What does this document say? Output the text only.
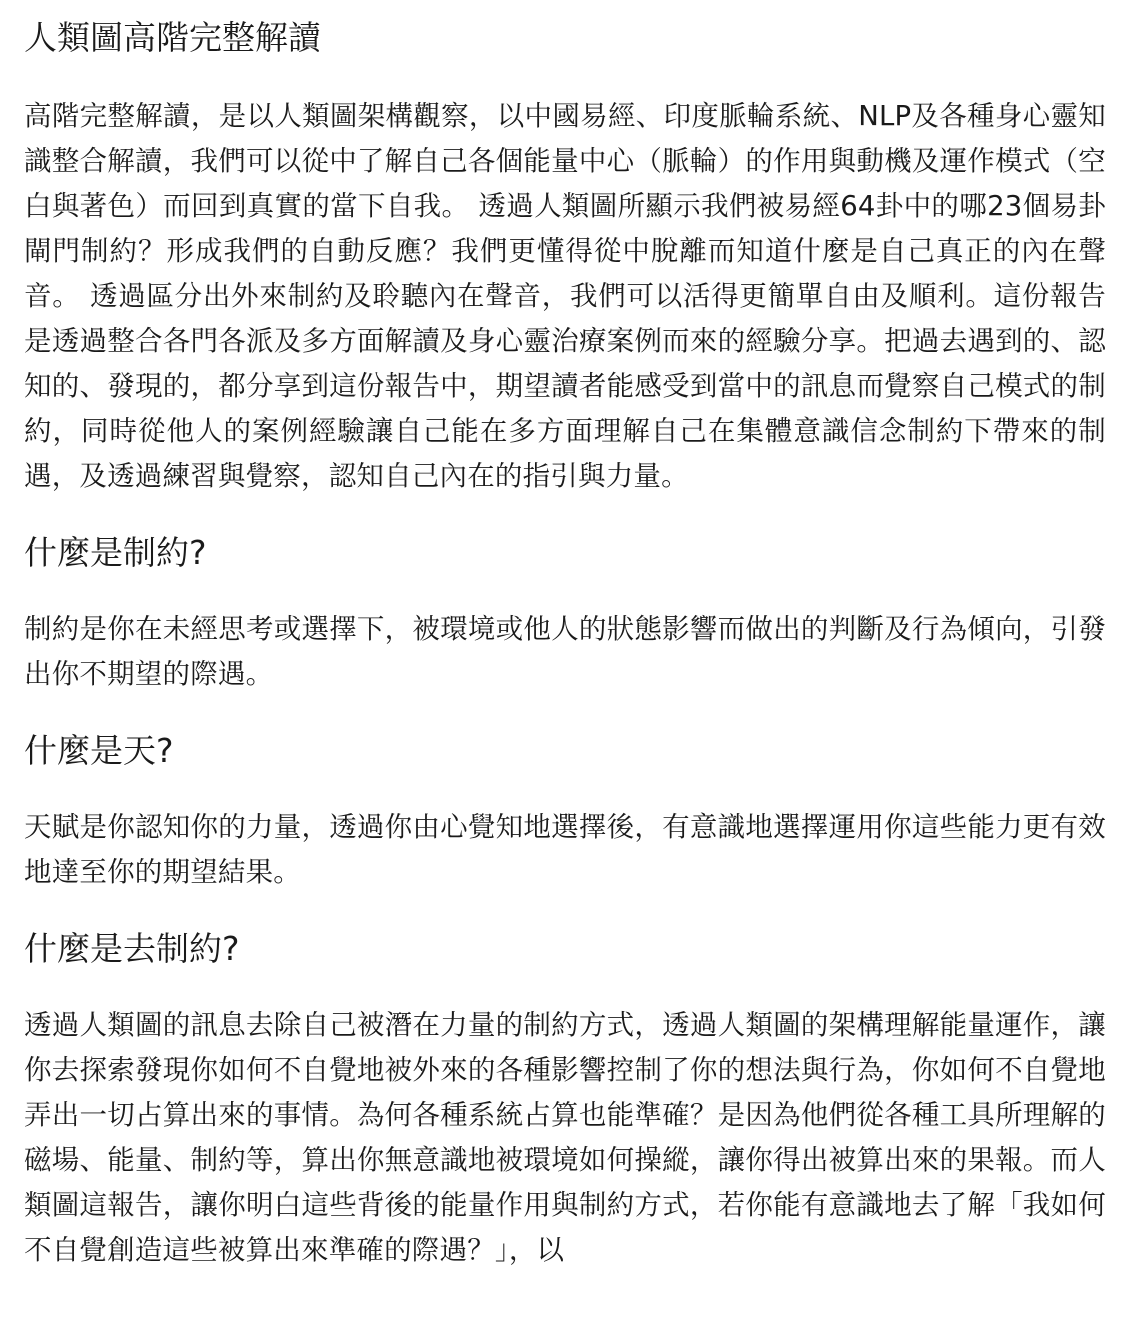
人類圖高階完整解讀

高階完整解讀，是以人類圖架構觀察，以中國易經、印度脈輪系統、NLP及各種身心靈知識整合解讀，我們可以從中了解自己各個能量中心（脈輪）的作用與動機及運作模式（空白與著色）而回到真實的當下自我。 透過人類圖所顯示我們被易經64卦中的哪23個易卦閘門制約？形成我們的自動反應？我們更懂得從中脫離而知道什麼是自己真正的內在聲音。 透過區分出外來制約及聆聽內在聲音，我們可以活得更簡單自由及順利。這份報告是透過整合各門各派及多方面解讀及身心靈治療案例而來的經驗分享。把過去遇到的、認知的、發現的，都分享到這份報告中，期望讀者能感受到當中的訊息而覺察自己模式的制約，同時從他人的案例經驗讓自己能在多方面理解自己在集體意識信念制約下帶來的制遇，及透過練習與覺察，認知自己內在的指引與力量。

什麼是制約?

制約是你在未經思考或選擇下，被環境或他人的狀態影響而做出的判斷及行為傾向，引發出你不期望的際遇。

什麼是天?

天賦是你認知你的力量，透過你由心覺知地選擇後，有意識地選擇運用你這些能力更有效地達至你的期望結果。

什麼是去制約?

透過人類圖的訊息去除自己被潛在力量的制約方式，透過人類圖的架構理解能量運作，讓你去探索發現你如何不自覺地被外來的各種影響控制了你的想法與行為，你如何不自覺地弄出一切占算出來的事情。為何各種系統占算也能準確？是因為他們從各種工具所理解的磁場、能量、制約等，算出你無意識地被環境如何操縱，讓你得出被算出來的果報。而人類圖這報告，讓你明白這些背後的能量作用與制約方式，若你能有意識地去了解「我如何不自覺創造這些被算出來準確的際遇？」，以
